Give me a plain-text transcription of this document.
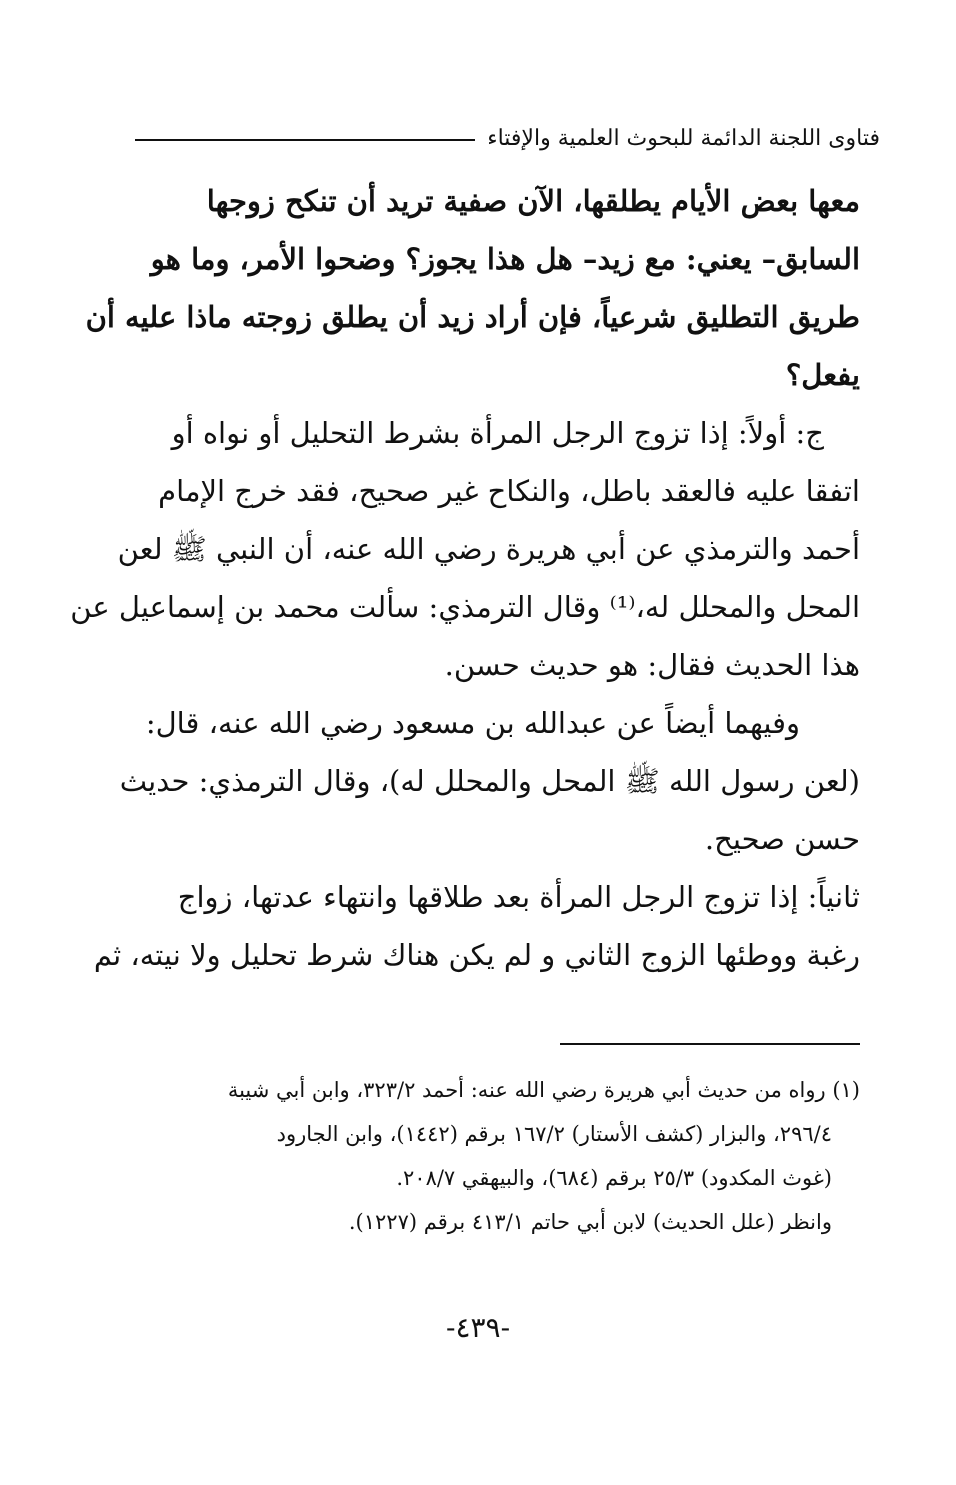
فتاوى اللجنة الدائمة للبحوث العلمية والإفتاء
معها بعض الأيام يطلقها، الآن صفية تريد أن تنكح زوجها
السابق– يعني: مع زيد– هل هذا يجوز؟ وضحوا الأمر، وما هو
طريق التطليق شرعياً، فإن أراد زيد أن يطلق زوجته ماذا عليه أن
يفعل؟
ج: أولاً: إذا تزوج الرجل المرأة بشرط التحليل أو نواه أو
اتفقا عليه فالعقد باطل، والنكاح غير صحيح، فقد خرج الإمام
أحمد والترمذي عن أبي هريرة رضي الله عنه، أن النبي ﷺ لعن
المحل والمحلل له،⁽¹⁾ وقال الترمذي: سألت محمد بن إسماعيل عن
هذا الحديث فقال: هو حديث حسن.
وفيهما أيضاً عن عبدالله بن مسعود رضي الله عنه، قال:
(لعن رسول الله ﷺ المحل والمحلل له)، وقال الترمذي: حديث
حسن صحيح.
ثانياً: إذا تزوج الرجل المرأة بعد طلاقها وانتهاء عدتها، زواج
رغبة ووطئها الزوج الثاني و لم يكن هناك شرط تحليل ولا نيته، ثم
(١) رواه من حديث أبي هريرة رضي الله عنه: أحمد ٣٢٣/٢، وابن أبي شيبة
٢٩٦/٤، والبزار (كشف الأستار) ١٦٧/٢ برقم (١٤٤٢)، وابن الجارود
(غوث المكدود) ٢٥/٣ برقم (٦٨٤)، والبيهقي ٢٠٨/٧.
وانظر (علل الحديث) لابن أبي حاتم ٤١٣/١ برقم (١٢٢٧).
-٤٣٩-
